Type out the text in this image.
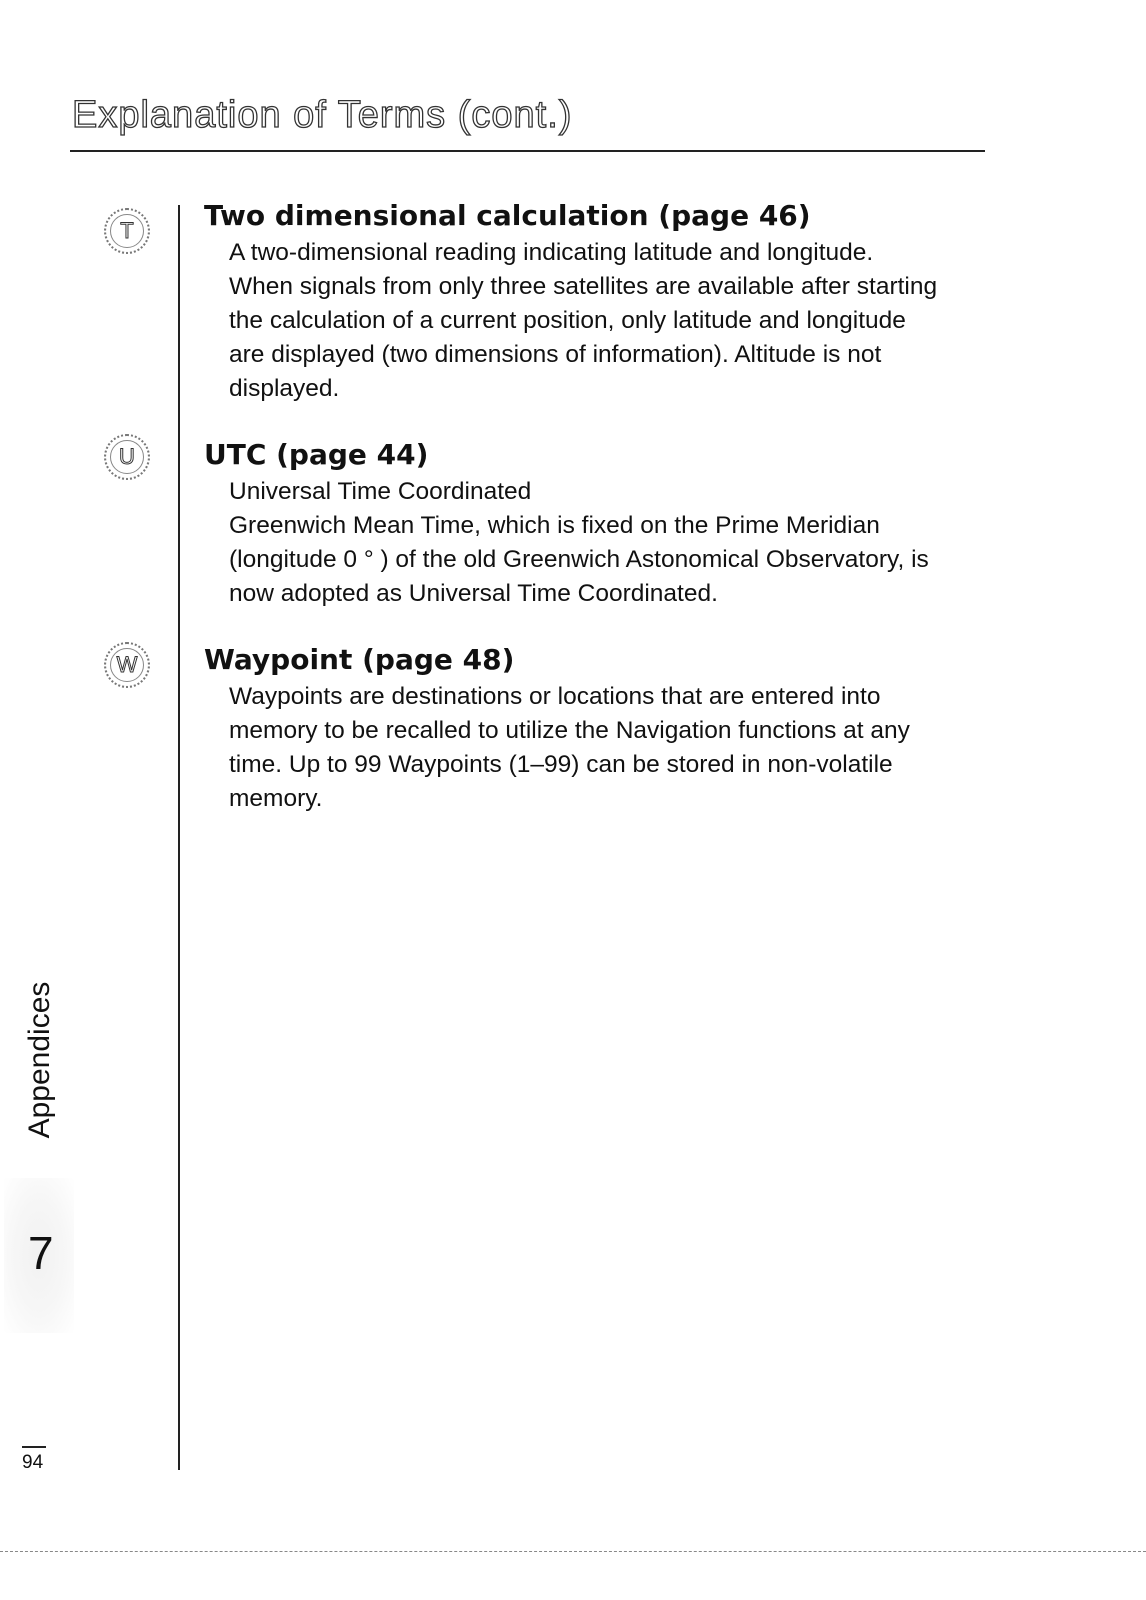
Explanation of Terms (cont.)
T	Two dimensional calculation (page 46)

A two-dimensional reading indicating latitude and longitude.

When signals from only three satellites are available after starting

the calculation of a current position, only latitude and longitude

are displayed (two dimensions of information). Altitude is not

displayed.

U	UTC (page 44)

Universal Time Coordinated

Greenwich Mean Time, which is fixed on the Prime Meridian

(longitude 0 ° ) of the old Greenwich Astonomical Observatory, is

now adopted as Universal Time Coordinated.

W Waypoint (page 48)

Waypoints are destinations or locations that are entered into

memory to be recalled to utilize the Navigation functions at any

time. Up to 99 Waypoints (1–99) can be stored in non-volatile

memory.

Appendices
7
94
